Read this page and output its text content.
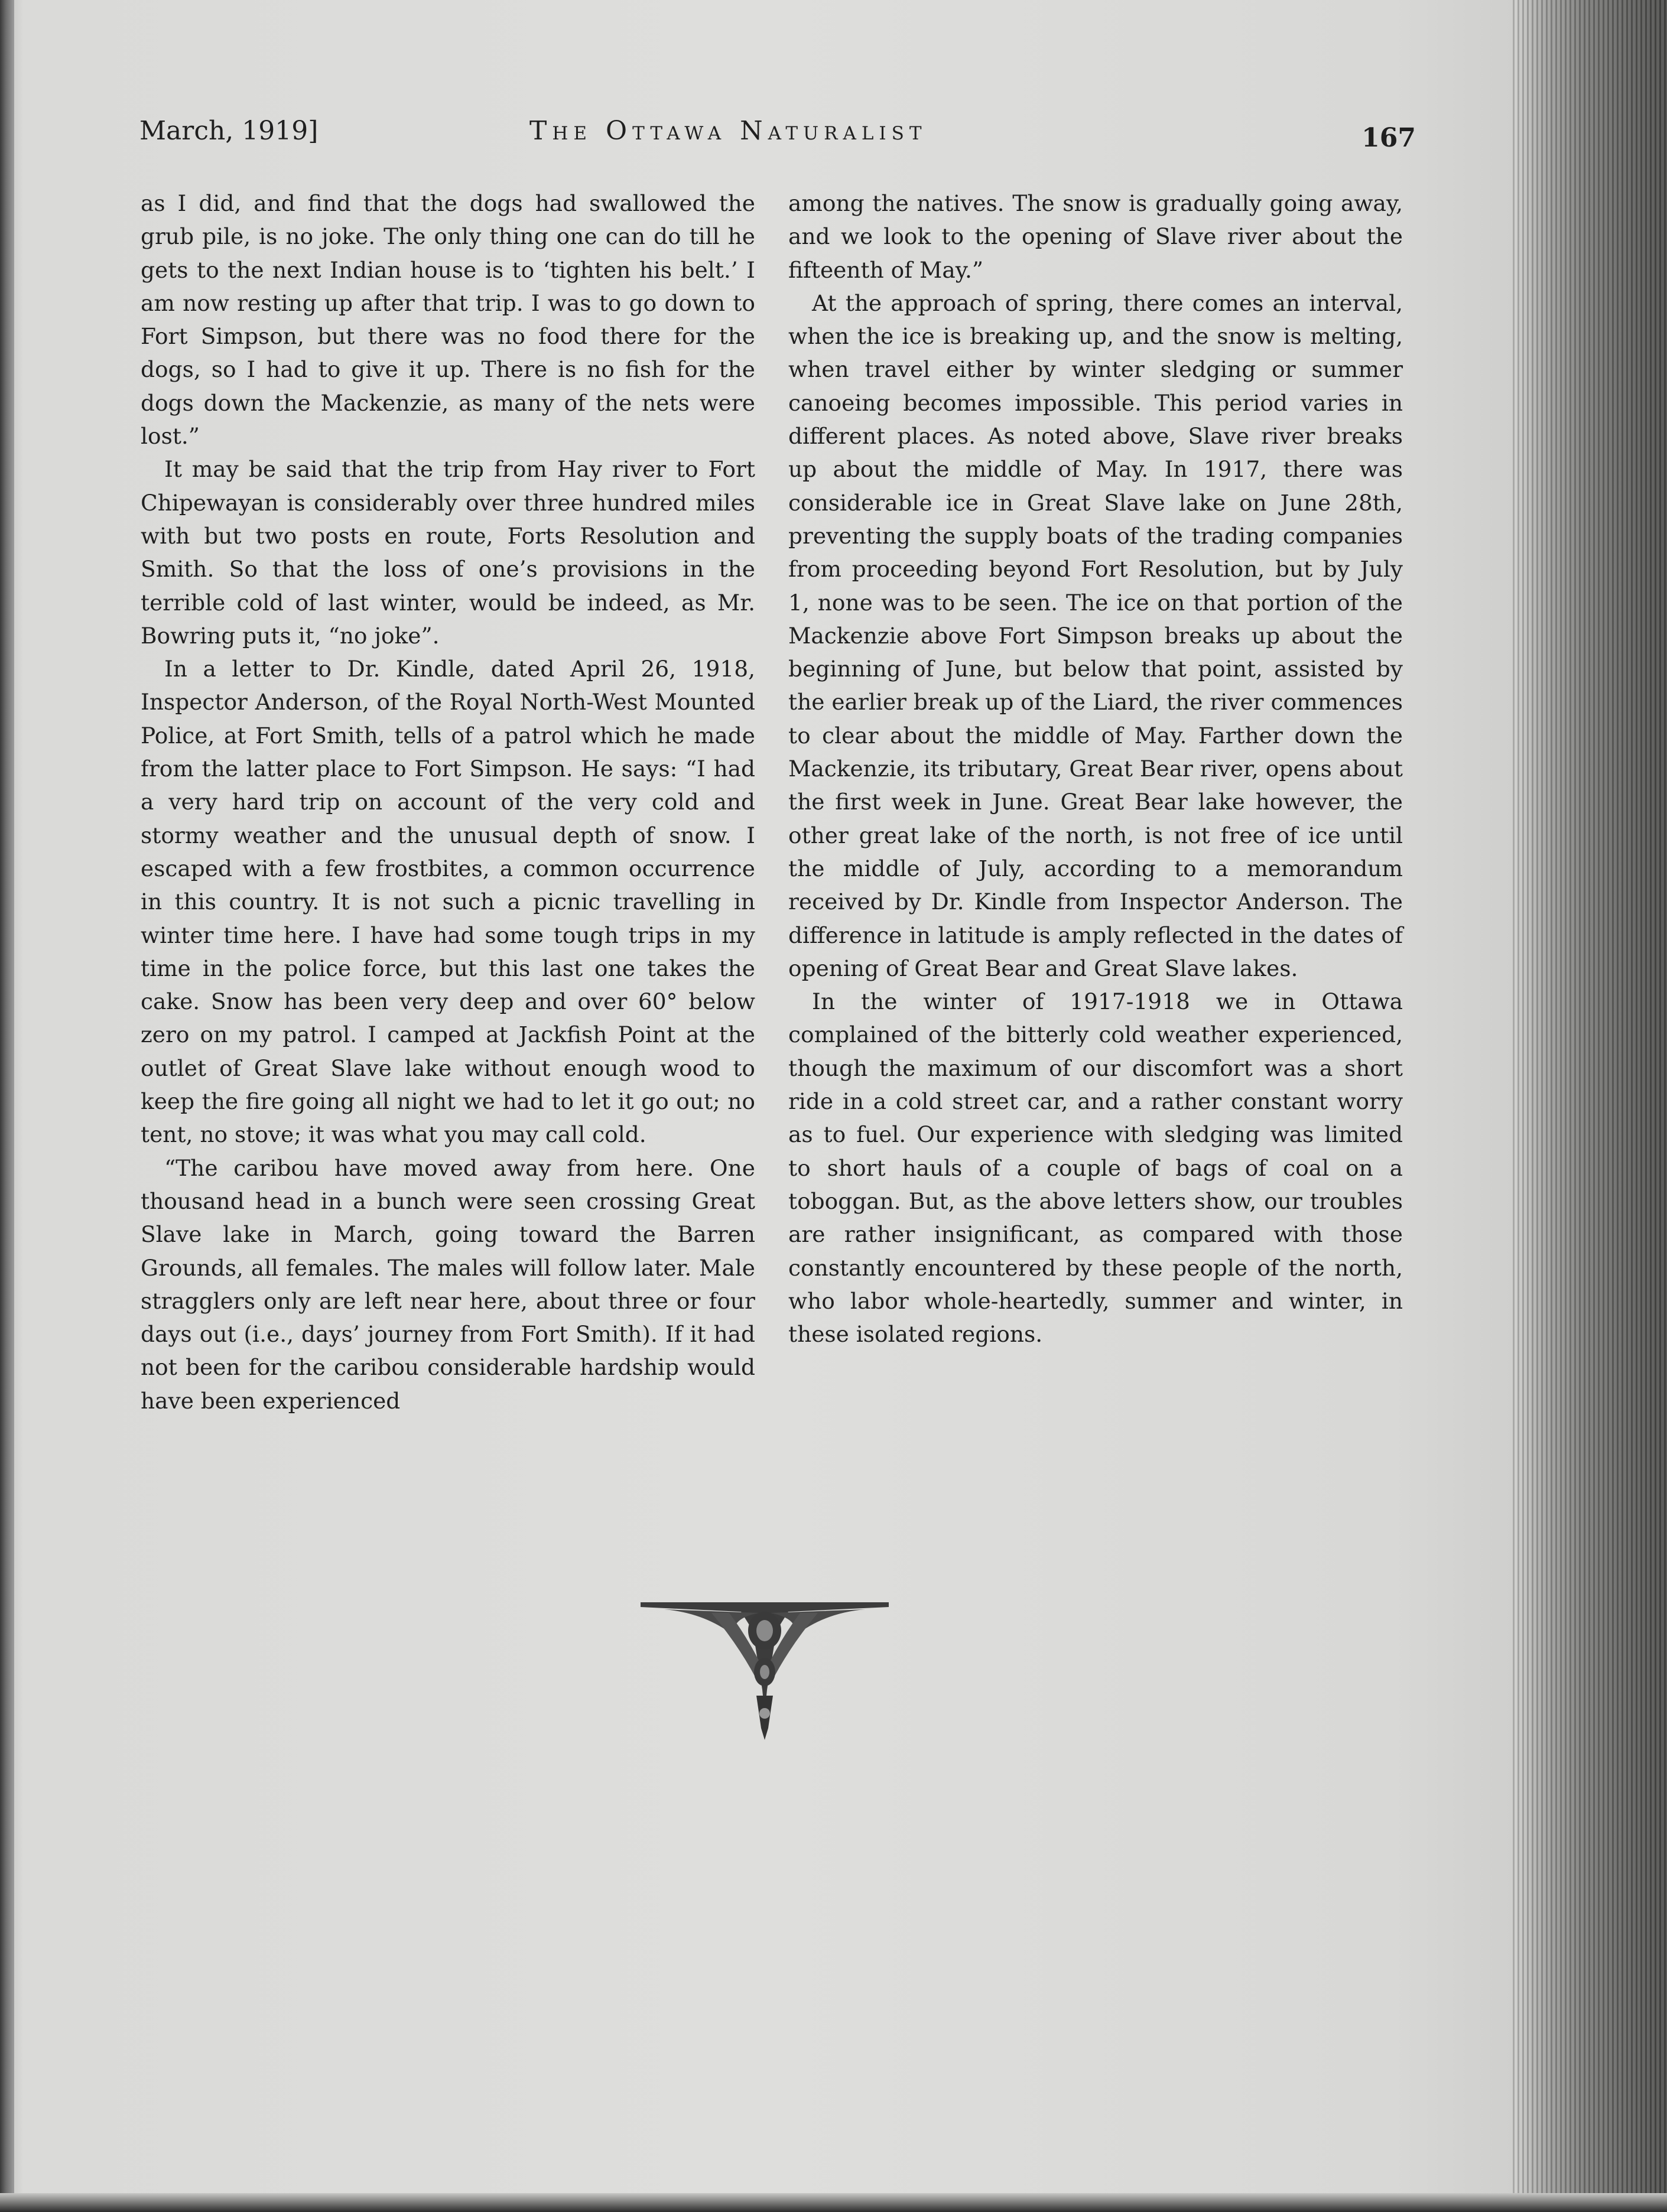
March, 1919]	The Ottawa Naturalist	167

as I did, and find that the dogs had swallowed the grub pile, is no joke. The only thing one can do till he gets to the next Indian house is to ‘tighten his belt.’ I am now resting up after that trip. I was to go down to Fort Simpson, but there was no food there for the dogs, so I had to give it up. There is no fish for the dogs down the Mackenzie, as many of the nets were lost.”

It may be said that the trip from Hay river to Fort Chipewayan is considerably over three hundred miles with but two posts en route, Forts Resolution and Smith. So that the loss of one’s provisions in the terrible cold of last winter, would be indeed, as Mr. Bowring puts it, “no joke”.

In a letter to Dr. Kindle, dated April 26, 1918, Inspector Anderson, of the Royal North-West Mounted Police, at Fort Smith, tells of a patrol which he made from the latter place to Fort Simpson. He says: “I had a very hard trip on account of the very cold and stormy weather and the unusual depth of snow. I escaped with a few frostbites, a common occurrence in this country. It is not such a picnic travelling in winter time here. I have had some tough trips in my time in the police force, but this last one takes the cake. Snow has been very deep and over 60° below zero on my patrol. I camped at Jackfish Point at the outlet of Great Slave lake without enough wood to keep the fire going all night we had to let it go out; no tent, no stove; it was what you may call cold.

“The caribou have moved away from here. One thousand head in a bunch were seen crossing Great Slave lake in March, going toward the Barren Grounds, all females. The males will follow later. Male stragglers only are left near here, about three or four days out (i.e., days’ journey from Fort Smith). If it had not been for the caribou considerable hardship would have been experienced

among the natives. The snow is gradually going away, and we look to the opening of Slave river about the fifteenth of May.”

At the approach of spring, there comes an interval, when the ice is breaking up, and the snow is melting, when travel either by winter sledging or summer canoeing becomes impossible. This period varies in different places. As noted above, Slave river breaks up about the middle of May. In 1917, there was considerable ice in Great Slave lake on June 28th, preventing the supply boats of the trading companies from proceeding beyond Fort Resolution, but by July 1, none was to be seen. The ice on that portion of the Mackenzie above Fort Simpson breaks up about the beginning of June, but below that point, assisted by the earlier break up of the Liard, the river commences to clear about the middle of May. Farther down the Mackenzie, its tributary, Great Bear river, opens about the first week in June. Great Bear lake however, the other great lake of the north, is not free of ice until the middle of July, according to a memorandum received by Dr. Kindle from Inspector Anderson. The difference in latitude is amply reflected in the dates of opening of Great Bear and Great Slave lakes.

In the winter of 1917-1918 we in Ottawa complained of the bitterly cold weather experienced, though the maximum of our discomfort was a short ride in a cold street car, and a rather constant worry as to fuel. Our experience with sledging was limited to short hauls of a couple of bags of coal on a toboggan. But, as the above letters show, our troubles are rather insignificant, as compared with those constantly encountered by these people of the north, who labor whole-heartedly, summer and winter, in these isolated regions.
